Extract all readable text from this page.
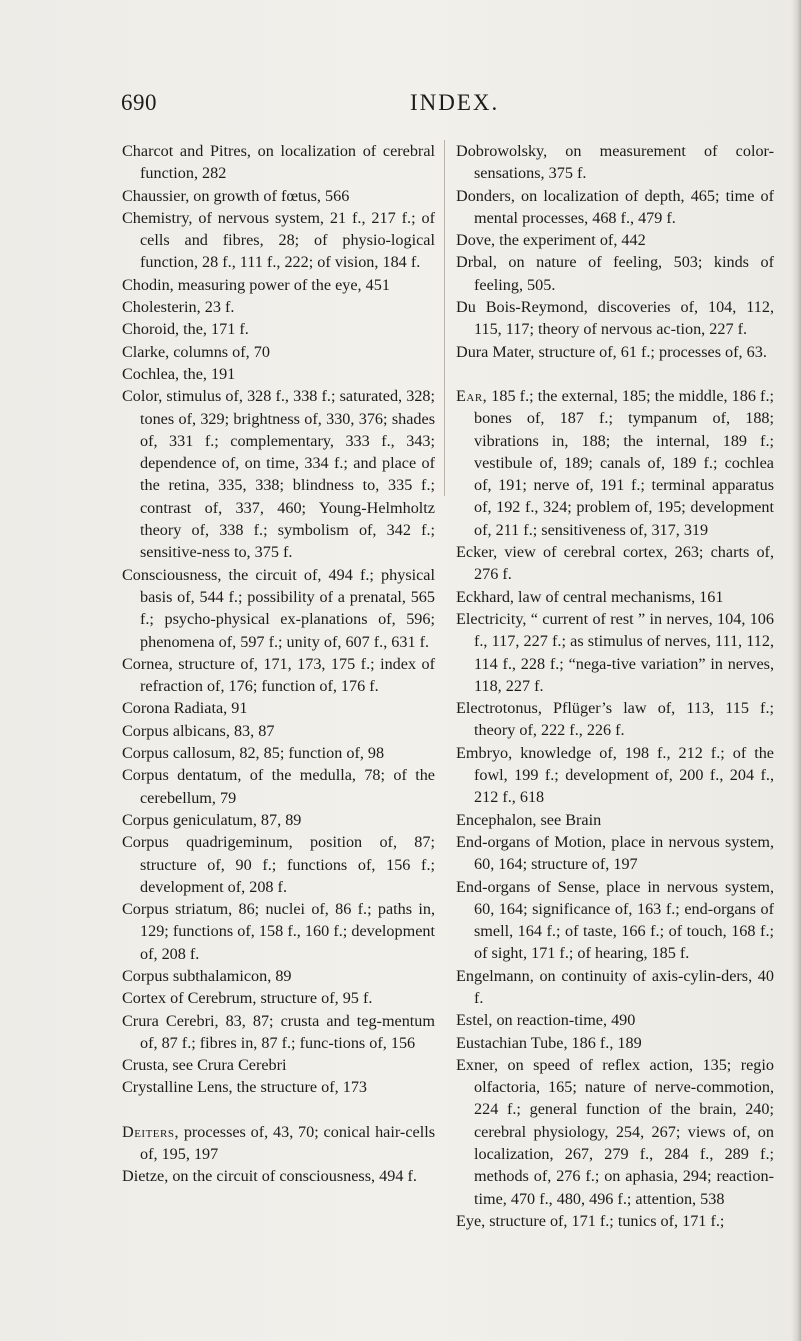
690	INDEX.

Charcot and Pitres, on localization of cerebral function, 282

Chaussier, on growth of fœtus, 566

Chemistry, of nervous system, 21 f., 217 f.; of cells and fibres, 28; of physio-logical function, 28 f., 111 f., 222; of vision, 184 f.

Chodin, measuring power of the eye, 451

Cholesterin, 23 f.

Choroid, the, 171 f.

Clarke, columns of, 70

Cochlea, the, 191

Color, stimulus of, 328 f., 338 f.; saturated, 328; tones of, 329; brightness of, 330, 376; shades of, 331 f.; complementary, 333 f., 343; dependence of, on time, 334 f.; and place of the retina, 335, 338; blindness to, 335 f.; contrast of, 337, 460; Young-Helmholtz theory of, 338 f.; symbolism of, 342 f.; sensitive-ness to, 375 f.

Consciousness, the circuit of, 494 f.; physical basis of, 544 f.; possibility of a prenatal, 565 f.; psycho-physical ex-planations of, 596; phenomena of, 597 f.; unity of, 607 f., 631 f.

Cornea, structure of, 171, 173, 175 f.; index of refraction of, 176; function of, 176 f.

Corona Radiata, 91

Corpus albicans, 83, 87

Corpus callosum, 82, 85; function of, 98

Corpus dentatum, of the medulla, 78; of the cerebellum, 79

Corpus geniculatum, 87, 89

Corpus quadrigeminum, position of, 87; structure of, 90 f.; functions of, 156 f.; development of, 208 f.

Corpus striatum, 86; nuclei of, 86 f.; paths in, 129; functions of, 158 f., 160 f.; development of, 208 f.

Corpus subthalamicon, 89

Cortex of Cerebrum, structure of, 95 f.

Crura Cerebri, 83, 87; crusta and teg-mentum of, 87 f.; fibres in, 87 f.; func-tions of, 156

Crusta, see Crura Cerebri

Crystalline Lens, the structure of, 173

Deiters, processes of, 43, 70; conical hair-cells of, 195, 197

Dietze, on the circuit of consciousness, 494 f.

Dobrowolsky, on measurement of color-sensations, 375 f.

Donders, on localization of depth, 465; time of mental processes, 468 f., 479 f.

Dove, the experiment of, 442

Drbal, on nature of feeling, 503; kinds of feeling, 505.

Du Bois-Reymond, discoveries of, 104, 112, 115, 117; theory of nervous ac-tion, 227 f.

Dura Mater, structure of, 61 f.; processes of, 63.

Ear, 185 f.; the external, 185; the middle, 186 f.; bones of, 187 f.; tympanum of, 188; vibrations in, 188; the internal, 189 f.; vestibule of, 189; canals of, 189 f.; cochlea of, 191; nerve of, 191 f.; terminal apparatus of, 192 f., 324; problem of, 195; development of, 211 f.; sensitiveness of, 317, 319

Ecker, view of cerebral cortex, 263; charts of, 276 f.

Eckhard, law of central mechanisms, 161

Electricity, “ current of rest ” in nerves, 104, 106 f., 117, 227 f.; as stimulus of nerves, 111, 112, 114 f., 228 f.; “nega-tive variation” in nerves, 118, 227 f.

Electrotonus, Pflüger’s law of, 113, 115 f.; theory of, 222 f., 226 f.

Embryo, knowledge of, 198 f., 212 f.; of the fowl, 199 f.; development of, 200 f., 204 f., 212 f., 618

Encephalon, see Brain

End-organs of Motion, place in nervous system, 60, 164; structure of, 197

End-organs of Sense, place in nervous system, 60, 164; significance of, 163 f.; end-organs of smell, 164 f.; of taste, 166 f.; of touch, 168 f.; of sight, 171 f.; of hearing, 185 f.

Engelmann, on continuity of axis-cylin-ders, 40 f.

Estel, on reaction-time, 490

Eustachian Tube, 186 f., 189

Exner, on speed of reflex action, 135; regio olfactoria, 165; nature of nerve-commotion, 224 f.; general function of the brain, 240; cerebral physiology, 254, 267; views of, on localization, 267, 279 f., 284 f., 289 f.; methods of, 276 f.; on aphasia, 294; reaction-time, 470 f., 480, 496 f.; attention, 538

Eye, structure of, 171 f.; tunics of, 171 f.;
